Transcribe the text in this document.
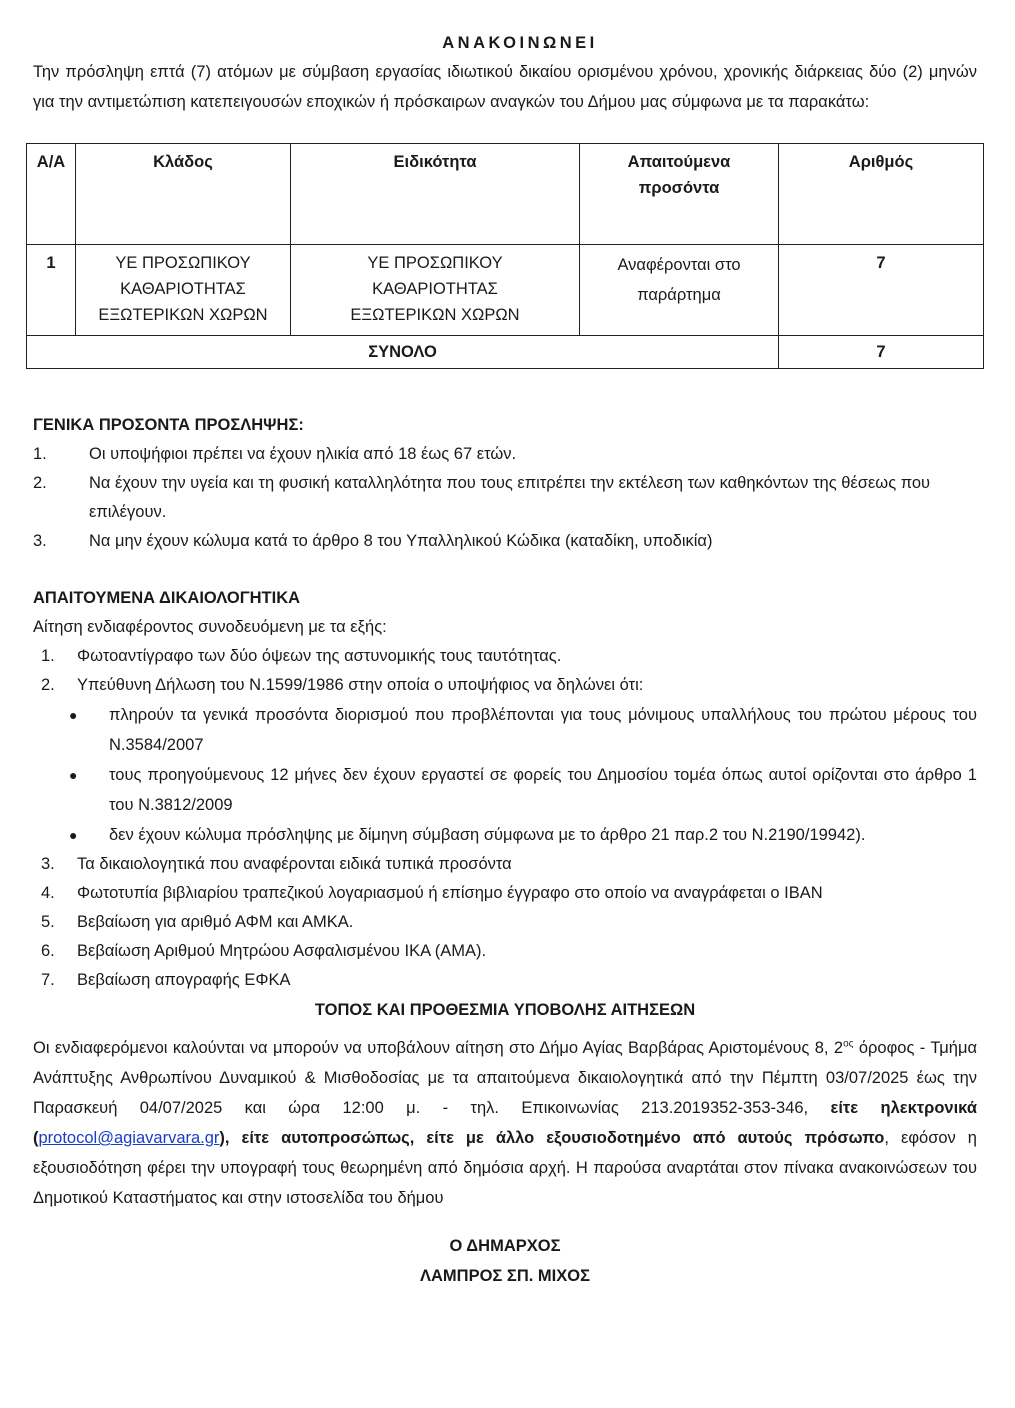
ΑΝΑΚΟΙΝΩΝΕΙ

Την πρόσληψη επτά (7) ατόμων με σύμβαση εργασίας ιδιωτικού δικαίου ορισμένου χρόνου, χρονικής διάρκειας δύο (2) μηνών για την αντιμετώπιση κατεπειγουσών εποχικών ή πρόσκαιρων αναγκών του Δήμου μας σύμφωνα με τα παρακάτω:

Α/Α	Κλάδος	Ειδικότητα	Απαιτούμενα προσόντα	Αριθμός
1	ΥΕ ΠΡΟΣΩΠΙΚΟΥ ΚΑΘΑΡΙΟΤΗΤΑΣ ΕΞΩΤΕΡΙΚΩΝ ΧΩΡΩΝ	ΥΕ ΠΡΟΣΩΠΙΚΟΥ ΚΑΘΑΡΙΟΤΗΤΑΣ ΕΞΩΤΕΡΙΚΩΝ ΧΩΡΩΝ	Αναφέρονται στο παράρτημα	7
ΣΥΝΟΛΟ				7
ΓΕΝΙΚΑ ΠΡΟΣΟΝΤΑ ΠΡΟΣΛΗΨΗΣ:
1.	Οι υποψήφιοι πρέπει να έχουν ηλικία από 18 έως 67 ετών.
2.	Να έχουν την υγεία και τη φυσική καταλληλότητα που τους επιτρέπει την εκτέλεση των καθηκόντων της θέσεως που επιλέγουν.
3.	Να μην έχουν κώλυμα κατά το άρθρο 8 του Υπαλληλικού Κώδικα (καταδίκη, υποδικία)
ΑΠΑΙΤΟΥΜΕΝΑ ΔΙΚΑΙΟΛΟΓΗΤΙΚΑ
Αίτηση ενδιαφέροντος συνοδευόμενη με τα εξής:
1. Φωτοαντίγραφο των δύο όψεων της αστυνομικής τους ταυτότητας.
2. Υπεύθυνη Δήλωση του Ν.1599/1986 στην οποία ο υποψήφιος να δηλώνει ότι:
● πληρούν τα γενικά προσόντα διορισμού που προβλέπονται για τους μόνιμους υπαλλήλους του πρώτου μέρους του Ν.3584/2007
● τους προηγούμενους 12 μήνες δεν έχουν εργαστεί σε φορείς του Δημοσίου τομέα όπως αυτοί ορίζονται στο άρθρο 1 του Ν.3812/2009
● δεν έχουν κώλυμα πρόσληψης με δίμηνη σύμβαση σύμφωνα με το άρθρο 21 παρ.2 του Ν.2190/19942).
3. Τα δικαιολογητικά που αναφέρονται ειδικά τυπικά προσόντα
4. Φωτοτυπία βιβλιαρίου τραπεζικού λογαριασμού ή επίσημο έγγραφο στο οποίο να αναγράφεται ο IBAN
5. Βεβαίωση για αριθμό ΑΦΜ και ΑΜΚΑ.
6. Βεβαίωση Αριθμού Μητρώου Ασφαλισμένου ΙΚΑ (ΑΜΑ).
7. Βεβαίωση απογραφής ΕΦΚΑ
ΤΟΠΟΣ ΚΑΙ ΠΡΟΘΕΣΜΙΑ ΥΠΟΒΟΛΗΣ ΑΙΤΗΣΕΩΝ
Οι ενδιαφερόμενοι καλούνται να μπορούν να υποβάλουν αίτηση στο Δήμο Αγίας Βαρβάρας Αριστομένους 8, $2^{o\varsigma}$ όροφος - Τμήμα Ανάπτυξης Ανθρωπίνου Δυναμικού & Μισθοδοσίας με τα απαιτούμενα δικαιολογητικά από την Πέμπτη 03/07/2025 έως την Παρασκευή 04/07/2025 και ώρα 12:00 μ. - τηλ. Επικοινωνίας 213.2019352-353-346, είτε ηλεκτρονικά (protocol@agiavarvara.gr), είτε αυτοπροσώπως, είτε με άλλο εξουσιοδοτημένο από αυτούς πρόσωπο, εφόσον η εξουσιοδότηση φέρει την υπογραφή τους θεωρημένη από δημόσια αρχή. Η παρούσα αναρτάται στον πίνακα ανακοινώσεων του Δημοτικού Καταστήματος και στην ιστοσελίδα του δήμου
Ο ΔΗΜΑΡΧΟΣ
ΛΑΜΠΡΟΣ ΣΠ. ΜΙΧΟΣ
